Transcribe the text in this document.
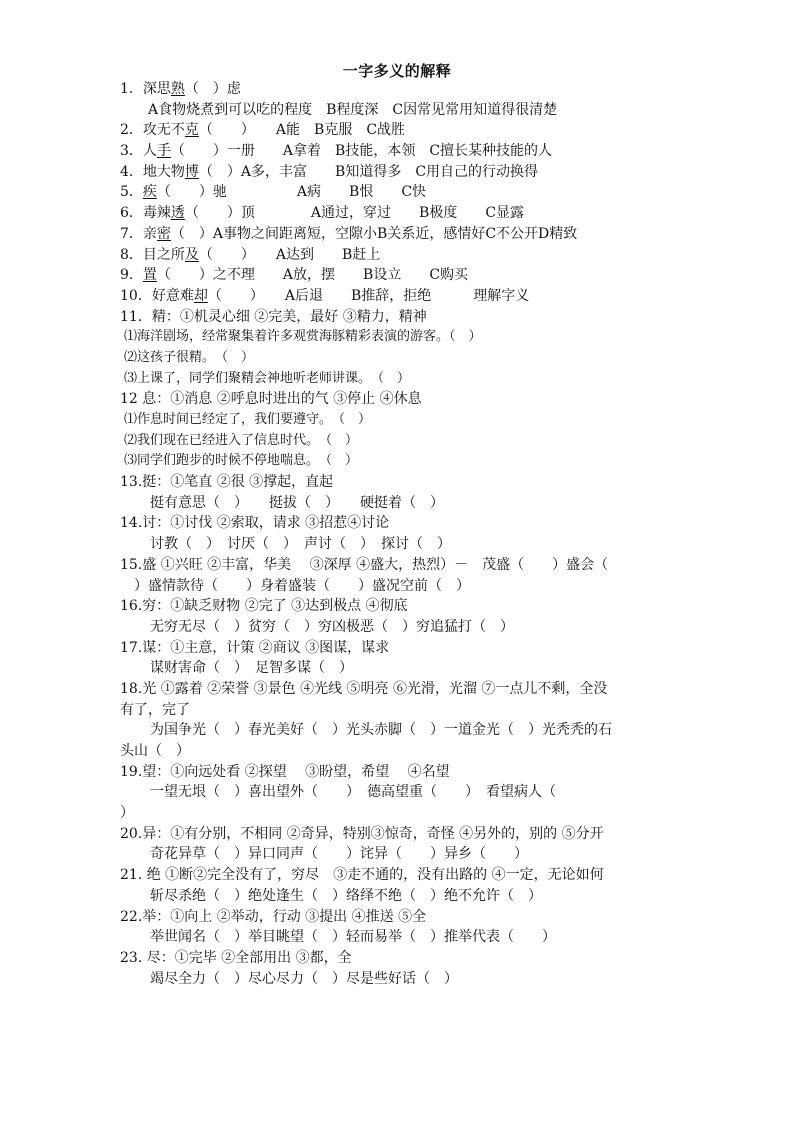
一字多义的解释
1．深思熟（　）虑
A食物烧煮到可以吃的程度　B程度深　C因常见常用知道得很清楚
2．攻无不克（　　）　　A能　B克服　C战胜
3．人手（　　）一册　　A拿着　B技能，本领　C擅长某种技能的人
4．地大物博（　）A多，丰富　　B知道得多　C用自己的行动换得
5．疾（　　）驰　　　　　A病　　B恨　　C快
6．毒辣透（　　）顶　　　　A通过，穿过　　B极度　　C显露
7．亲密（　）A事物之间距离短，空隙小B关系近，感情好C不公开D精致
8．目之所及（　　）　　A达到　　B赶上
9．置（　　）之不理　　A放，摆　　B设立　　C购买
10．好意难却（　　）　　A后退　　B推辞，拒绝　　　理解字义
11．精：①机灵心细 ②完美，最好 ③精力，精神
⑴海洋剧场，经常聚集着许多观赏海豚精彩表演的游客。（　）
⑵这孩子很精。　（　）
⑶上课了，同学们聚精会神地听老师讲课。　（　）
12 息：①消息 ②呼息时进出的气 ③停止 ④休息
⑴作息时间已经定了，我们要遵守。　（　）
⑵我们现在已经进入了信息时代。　（　）
⑶同学们跑步的时候不停地喘息。　（　）
13.挺：①笔直 ②很 ③撑起，直起
挺有意思（　）　　挺拔（　）　　硬挺着（　）
14.讨：①讨伐 ②索取，请求 ③招惹④讨论
讨教（　）　讨厌（　）　声讨（　）　探讨（　）
15.盛 ①兴旺 ②丰富，华美　 ③深厚 ④盛大，热烈）－　茂盛（　　）盛会（
　）盛情款待（　　）身着盛装（　　）盛况空前（　）
16.穷：①缺乏财物 ②完了 ③达到极点 ④彻底
无穷无尽（　）贫穷（　）穷凶极恶（　）穷追猛打（　）
17.谋：①主意，计策 ②商议 ③图谋，谋求
谋财害命（　）　足智多谋（　）
18.光 ①露着 ②荣誉 ③景色 ④光线 ⑤明亮 ⑥光滑，光溜 ⑦一点儿不剩，全没
有了，完了
为国争光（　）春光美好（　）光头赤脚（　）一道金光（　）光秃秃的石
头山（　）
19.望：①向远处看 ②探望　 ③盼望，希望　 ④名望
一望无垠（　）喜出望外（　　）　德高望重（　　）　看望病人（
）
20.异：①有分别，不相同 ②奇异，特别③惊奇，奇怪 ④另外的，别的 ⑤分开
奇花异草（　）异口同声（　　）诧异（　　）异乡（　　）
21. 绝 ①断②完全没有了，穷尽　③走不通的，没有出路的 ④一定，无论如何
斩尽杀绝（　）绝处逢生（　）络绎不绝（　）绝不允许（　）
22.举：①向上 ②举动，行动 ③提出 ④推送 ⑤全
举世闻名（　）举目眺望（　）轻而易举（　）推举代表（　　）
23. 尽：①完毕 ②全部用出 ③都，全
竭尽全力（　）尽心尽力（　）尽是些好话（　）
